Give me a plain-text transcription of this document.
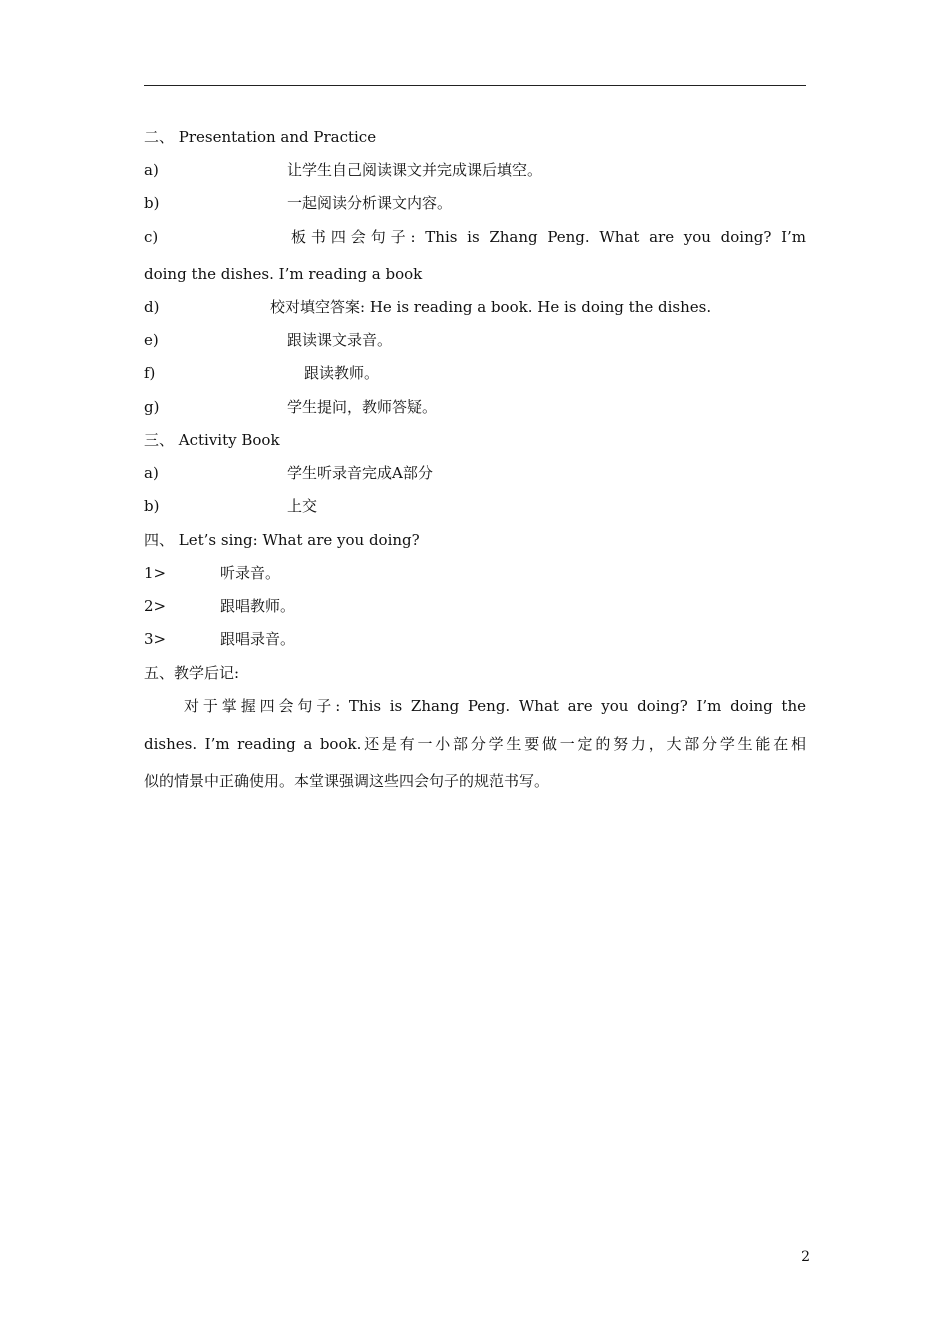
二、 Presentation and Practice
a)	让学生自己阅读课文并完成课后填空。
b)	一起阅读分析课文内容。
c)	板书四会句子: This is Zhang Peng. What are you doing? I’m
doing the dishes. I’m reading a book
d)	校对填空答案: He is reading a book. He is doing the dishes.
e)	跟读课文录音。
f)	跟读教师。
g)	学生提问，教师答疑。
三、 Activity Book
a)	学生听录音完成A部分
b)	上交
四、 Let’s sing: What are you doing?
1>	听录音。
2>	跟唱教师。
3>	跟唱录音。
五、教学后记:
对于掌握四会句子: This is Zhang Peng. What are you doing? I’m doing the
dishes. I’m reading a book.还是有一小部分学生要做一定的努力，大部分学生能在相
似的情景中正确使用。本堂课强调这些四会句子的规范书写。
2
